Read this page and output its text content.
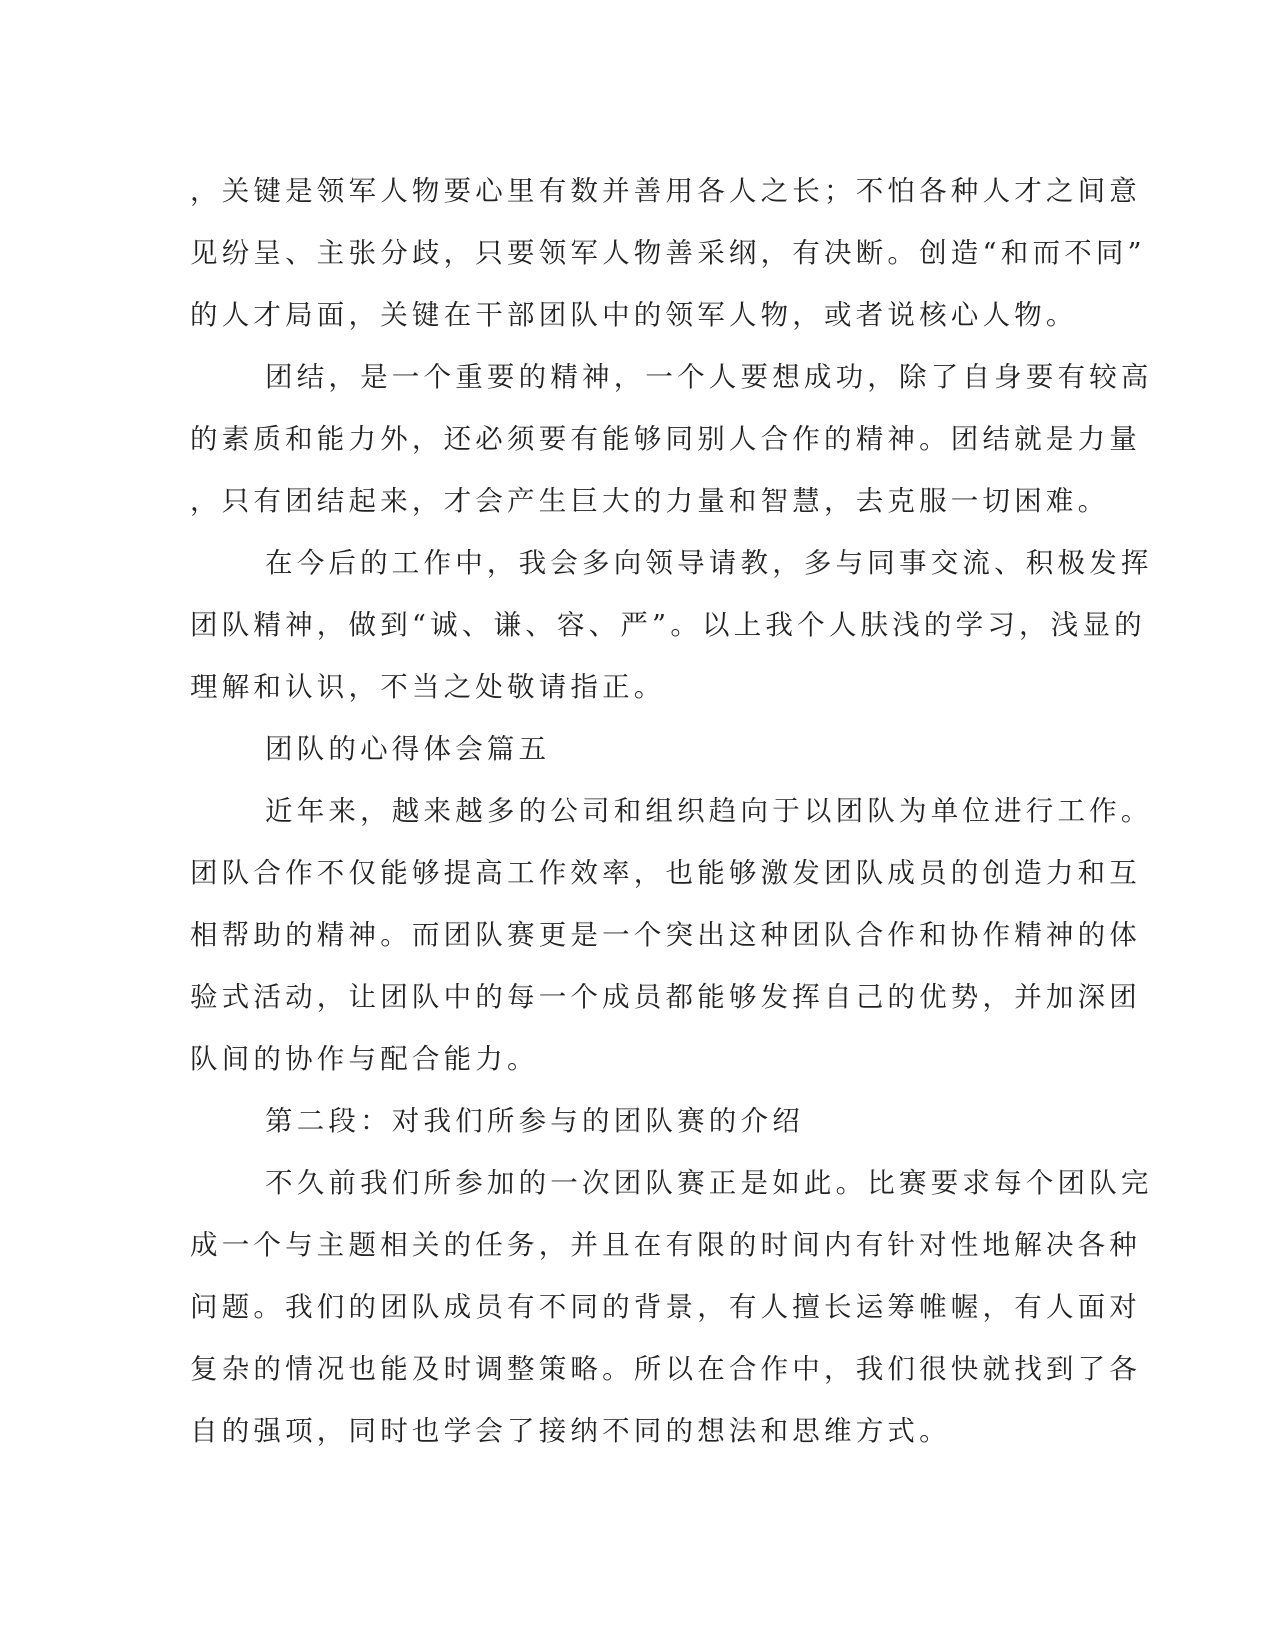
，关键是领军人物要心里有数并善用各人之长；不怕各种人才之间意
见纷呈、主张分歧，只要领军人物善采纲，有决断。创造“和而不同”
的人才局面，关键在干部团队中的领军人物，或者说核心人物。
团结，是一个重要的精神，一个人要想成功，除了自身要有较高
的素质和能力外，还必须要有能够同别人合作的精神。团结就是力量
，只有团结起来，才会产生巨大的力量和智慧，去克服一切困难。
在今后的工作中，我会多向领导请教，多与同事交流、积极发挥
团队精神，做到“诚、谦、容、严”。以上我个人肤浅的学习，浅显的
理解和认识，不当之处敬请指正。
团队的心得体会篇五
近年来，越来越多的公司和组织趋向于以团队为单位进行工作。
团队合作不仅能够提高工作效率，也能够激发团队成员的创造力和互
相帮助的精神。而团队赛更是一个突出这种团队合作和协作精神的体
验式活动，让团队中的每一个成员都能够发挥自己的优势，并加深团
队间的协作与配合能力。
第二段：对我们所参与的团队赛的介绍
不久前我们所参加的一次团队赛正是如此。比赛要求每个团队完
成一个与主题相关的任务，并且在有限的时间内有针对性地解决各种
问题。我们的团队成员有不同的背景，有人擅长运筹帷幄，有人面对
复杂的情况也能及时调整策略。所以在合作中，我们很快就找到了各
自的强项，同时也学会了接纳不同的想法和思维方式。
